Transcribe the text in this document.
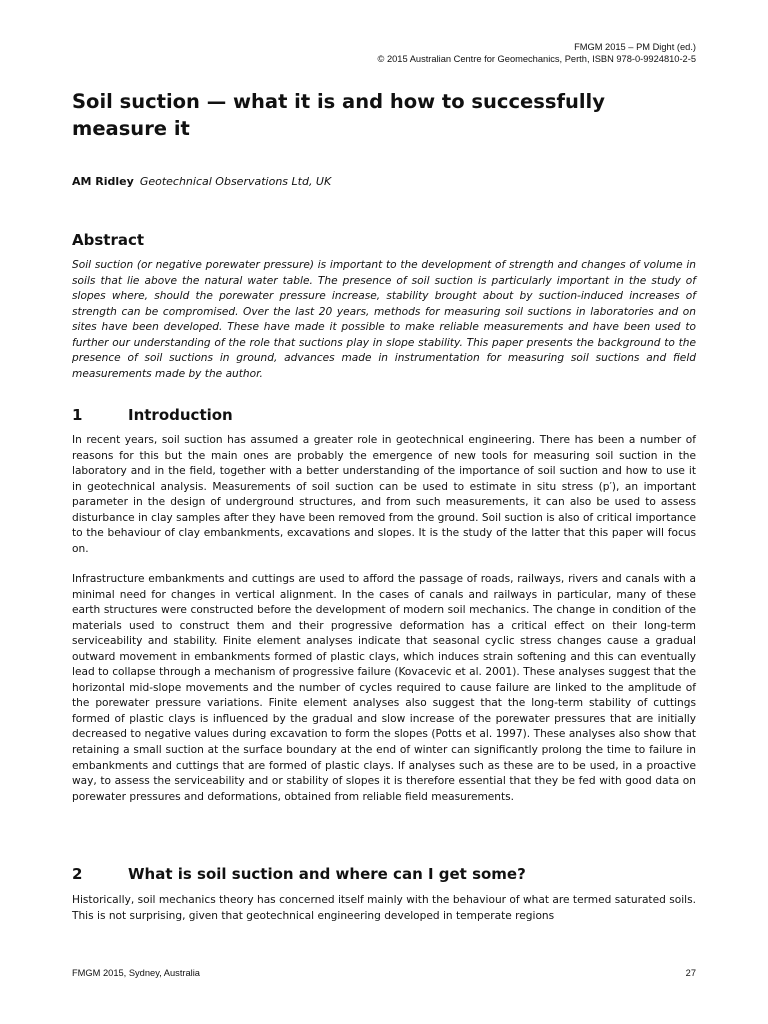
FMGM 2015 – PM Dight (ed.)
© 2015 Australian Centre for Geomechanics, Perth, ISBN 978-0-9924810-2-5
Soil suction — what it is and how to successfully measure it

AM Ridley Geotechnical Observations Ltd, UK

Abstract

Soil suction (or negative porewater pressure) is important to the development of strength and changes of volume in soils that lie above the natural water table. The presence of soil suction is particularly important in the study of slopes where, should the porewater pressure increase, stability brought about by suction-induced increases of strength can be compromised. Over the last 20 years, methods for measuring soil suctions in laboratories and on sites have been developed. These have made it possible to make reliable measurements and have been used to further our understanding of the role that suctions play in slope stability. This paper presents the background to the presence of soil suctions in ground, advances made in instrumentation for measuring soil suctions and field measurements made by the author.

1	Introduction

In recent years, soil suction has assumed a greater role in geotechnical engineering. There has been a number of reasons for this but the main ones are probably the emergence of new tools for measuring soil suction in the laboratory and in the field, together with a better understanding of the importance of soil suction and how to use it in geotechnical analysis. Measurements of soil suction can be used to estimate in situ stress (p′), an important parameter in the design of underground structures, and from such measurements, it can also be used to assess disturbance in clay samples after they have been removed from the ground. Soil suction is also of critical importance to the behaviour of clay embankments, excavations and slopes. It is the study of the latter that this paper will focus on.

Infrastructure embankments and cuttings are used to afford the passage of roads, railways, rivers and canals with a minimal need for changes in vertical alignment. In the cases of canals and railways in particular, many of these earth structures were constructed before the development of modern soil mechanics. The change in condition of the materials used to construct them and their progressive deformation has a critical effect on their long-term serviceability and stability. Finite element analyses indicate that seasonal cyclic stress changes cause a gradual outward movement in embankments formed of plastic clays, which induces strain softening and this can eventually lead to collapse through a mechanism of progressive failure (Kovacevic et al. 2001). These analyses suggest that the horizontal mid-slope movements and the number of cycles required to cause failure are linked to the amplitude of the porewater pressure variations. Finite element analyses also suggest that the long-term stability of cuttings formed of plastic clays is influenced by the gradual and slow increase of the porewater pressures that are initially decreased to negative values during excavation to form the slopes (Potts et al. 1997). These analyses also show that retaining a small suction at the surface boundary at the end of winter can significantly prolong the time to failure in embankments and cuttings that are formed of plastic clays. If analyses such as these are to be used, in a proactive way, to assess the serviceability and or stability of slopes it is therefore essential that they be fed with good data on porewater pressures and deformations, obtained from reliable field measurements.

2	What is soil suction and where can I get some?

Historically, soil mechanics theory has concerned itself mainly with the behaviour of what are termed saturated soils. This is not surprising, given that geotechnical engineering developed in temperate regions

FMGM 2015, Sydney, Australia	27
